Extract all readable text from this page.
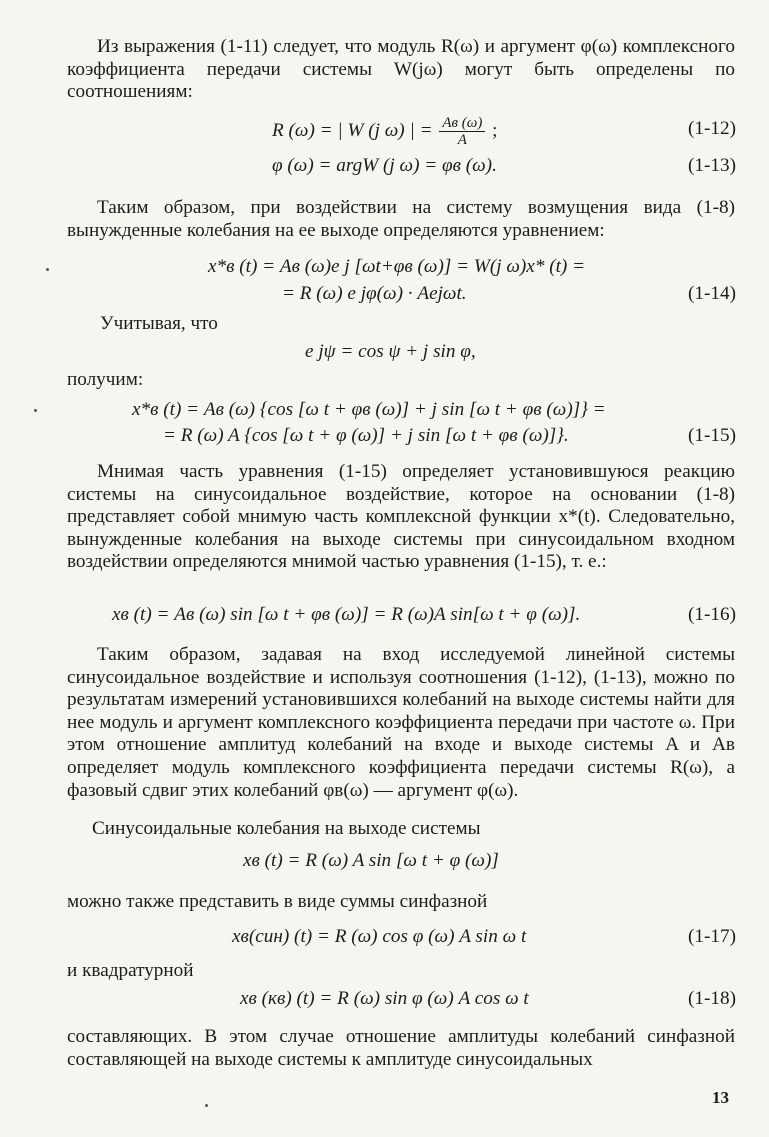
Из выражения (1-11) следует, что модуль R(ω) и аргумент φ(ω) комплексного коэффициента передачи системы W(jω) могут быть определены по соотношениям:

R (ω) = | W (j ω) | = $\frac{Aв (\omega)}{A}$ ;	(1-12)
φ (ω) = argW (j ω) = φв (ω).	(1-13)

Таким образом, при воздействии на систему возмущения вида (1-8) вынужденные колебания на ее выходе определяются уравнением:

x*в (t) = Aв (ω)e j [ωt+φв (ω)] = W(j ω)x* (t) =
= R (ω) e jφ(ω) · Aejωt.	(1-14)

Учитывая, что

e jψ = cos ψ + j sin φ,

получим:

x*в (t) = Aв (ω) {cos [ω t + φв (ω)] + j sin [ω t + φв (ω)]} =
= R (ω) A {cos [ω t + φ (ω)] + j sin [ω t + φв (ω)]}.	(1-15)

Мнимая часть уравнения (1-15) определяет установившуюся реакцию системы на синусоидальное воздействие, которое на основании (1-8) представляет собой мнимую часть комплексной функции x*(t). Следовательно, вынужденные колебания на выходе системы при синусоидальном входном воздействии определяются мнимой частью уравнения (1-15), т. е.:

xв (t) = Aв (ω) sin [ω t + φв (ω)] = R (ω)A sin[ω t + φ (ω)].	(1-16)

Таким образом, задавая на вход исследуемой линейной системы синусоидальное воздействие и используя соотношения (1-12), (1-13), можно по результатам измерений установившихся колебаний на выходе системы найти для нее модуль и аргумент комплексного коэффициента передачи при частоте ω. При этом отношение амплитуд колебаний на входе и выходе системы A и Aв определяет модуль комплексного коэффициента передачи системы R(ω), а фазовый сдвиг этих колебаний φв(ω) — аргумент φ(ω).

Синусоидальные колебания на выходе системы

xв (t) = R (ω) A sin [ω t + φ (ω)]

можно также представить в виде суммы синфазной

xв(син) (t) = R (ω) cos φ (ω) A sin ω t	(1-17)

и квадратурной

xв (кв) (t) = R (ω) sin φ (ω) A cos ω t	(1-18)

составляющих. В этом случае отношение амплитуды колебаний синфазной составляющей на выходе системы к амплитуде синусоидальных

13
